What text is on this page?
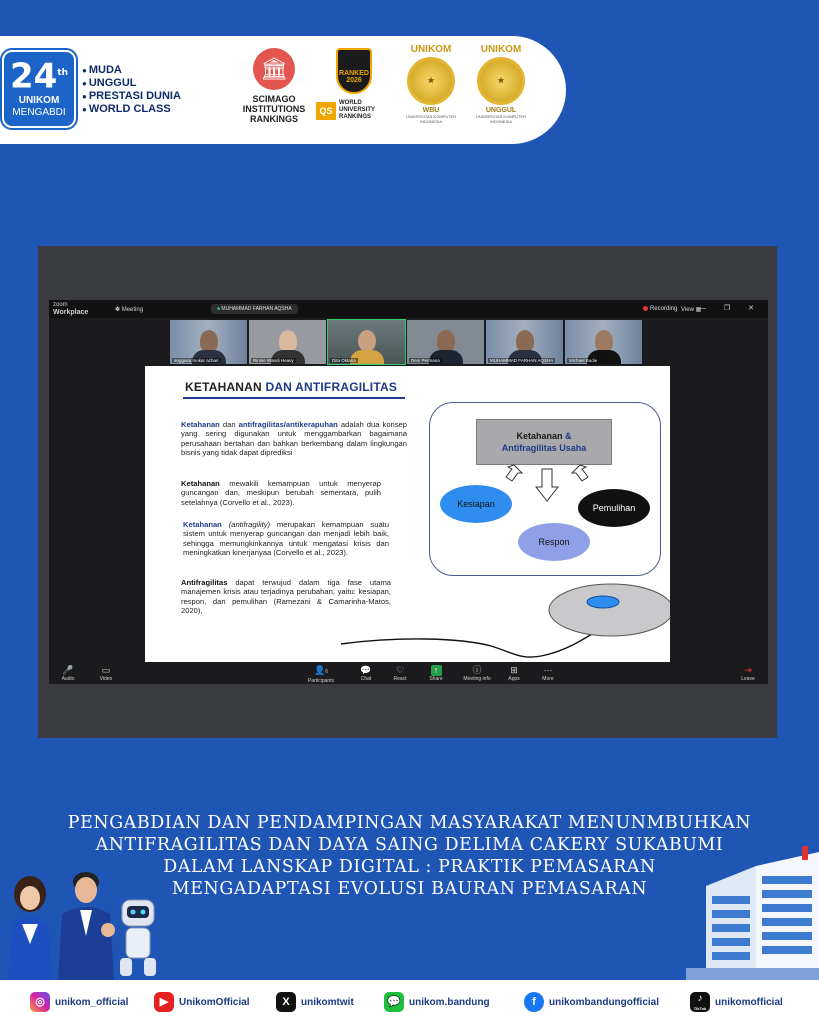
24th
UNIKOM
MENGABDI
● MUDA
● UNGGUL
● PRESTASI DUNIA
● WORLD CLASS
🏛
SCIMAGO
INSTITUTIONS
RANKINGS
RANKED
2026
QS
WORLD
UNIVERSITY
RANKINGS
UNIKOM
★
WBU
UNIVERSITAS KOMPUTER INDONESIA
UNIKOM
★
UNGGUL
UNIVERSITAS KOMPUTER INDONESIA
zoom
Workplace	✽ Meeting	■ MUHAMMAD FARHAN AQSHA	Recording View ▦
— ❐ ✕
anggasa mokar azhari	Rinnie Wandi Heavy	Dita Oktaria	Deni Permana	MUHAMMAD FARHAN AQSHA	Michael Budie
KETAHANAN DAN ANTIFRAGILITAS

Ketahanan dan antifragilitas/antikerapuhan adalah dua konsep yang sering digunakan untuk menggambarkan bagaimana perusahaan bertahan dan bahkan berkembang dalam lingkungan bisnis yang tidak dapat diprediksi

Ketahanan mewakili kemampuan untuk menyerap guncangan dan, meskipun berubah sementara, pulih setelahnya (Corvello et al., 2023).

Ketahanan (antifragility) merupakan kemampuan suatu sistem untuk menyerap guncangan dan menjadi lebih baik, sehingga memungkinkannya untuk mengatasi krisis dan meningkatkan kinerjanyaa (Corvello et al., 2023).

Antifragilitas dapat terwujud dalam tiga fase utama manajemen krisis atau terjadinya perubahan, yaitu: kesiapan, respon, dan pemulihan (Ramezani & Camarinha-Matos, 2020),

Ketahanan &
Antifragilitas Usaha
Kesiapan	Pemulihan
Respon
🎤
Audio
▭
Video
👤6
Participants
💬
Chat
♡
React
↑
Share
ⓘ
Meeting info
⊞
Apps
⋯
More
⇥
Leave
PENGABDIAN DAN PENDAMPINGAN MASYARAKAT MENUNMBUHKAN
ANTIFRAGILITAS DAN DAYA SAING DELIMA CAKERY SUKABUMI
DALAM LANSKAP DIGITAL : PRAKTIK PEMASARAN
MENGADAPTASI EVOLUSI BAURAN PEMASARAN
◎	unikom_official	▶	UnikomOfficial	X	unikomtwit	💬 unikom.bandung	f	unikombandungofficial	♪
TikTok
unikomofficial
